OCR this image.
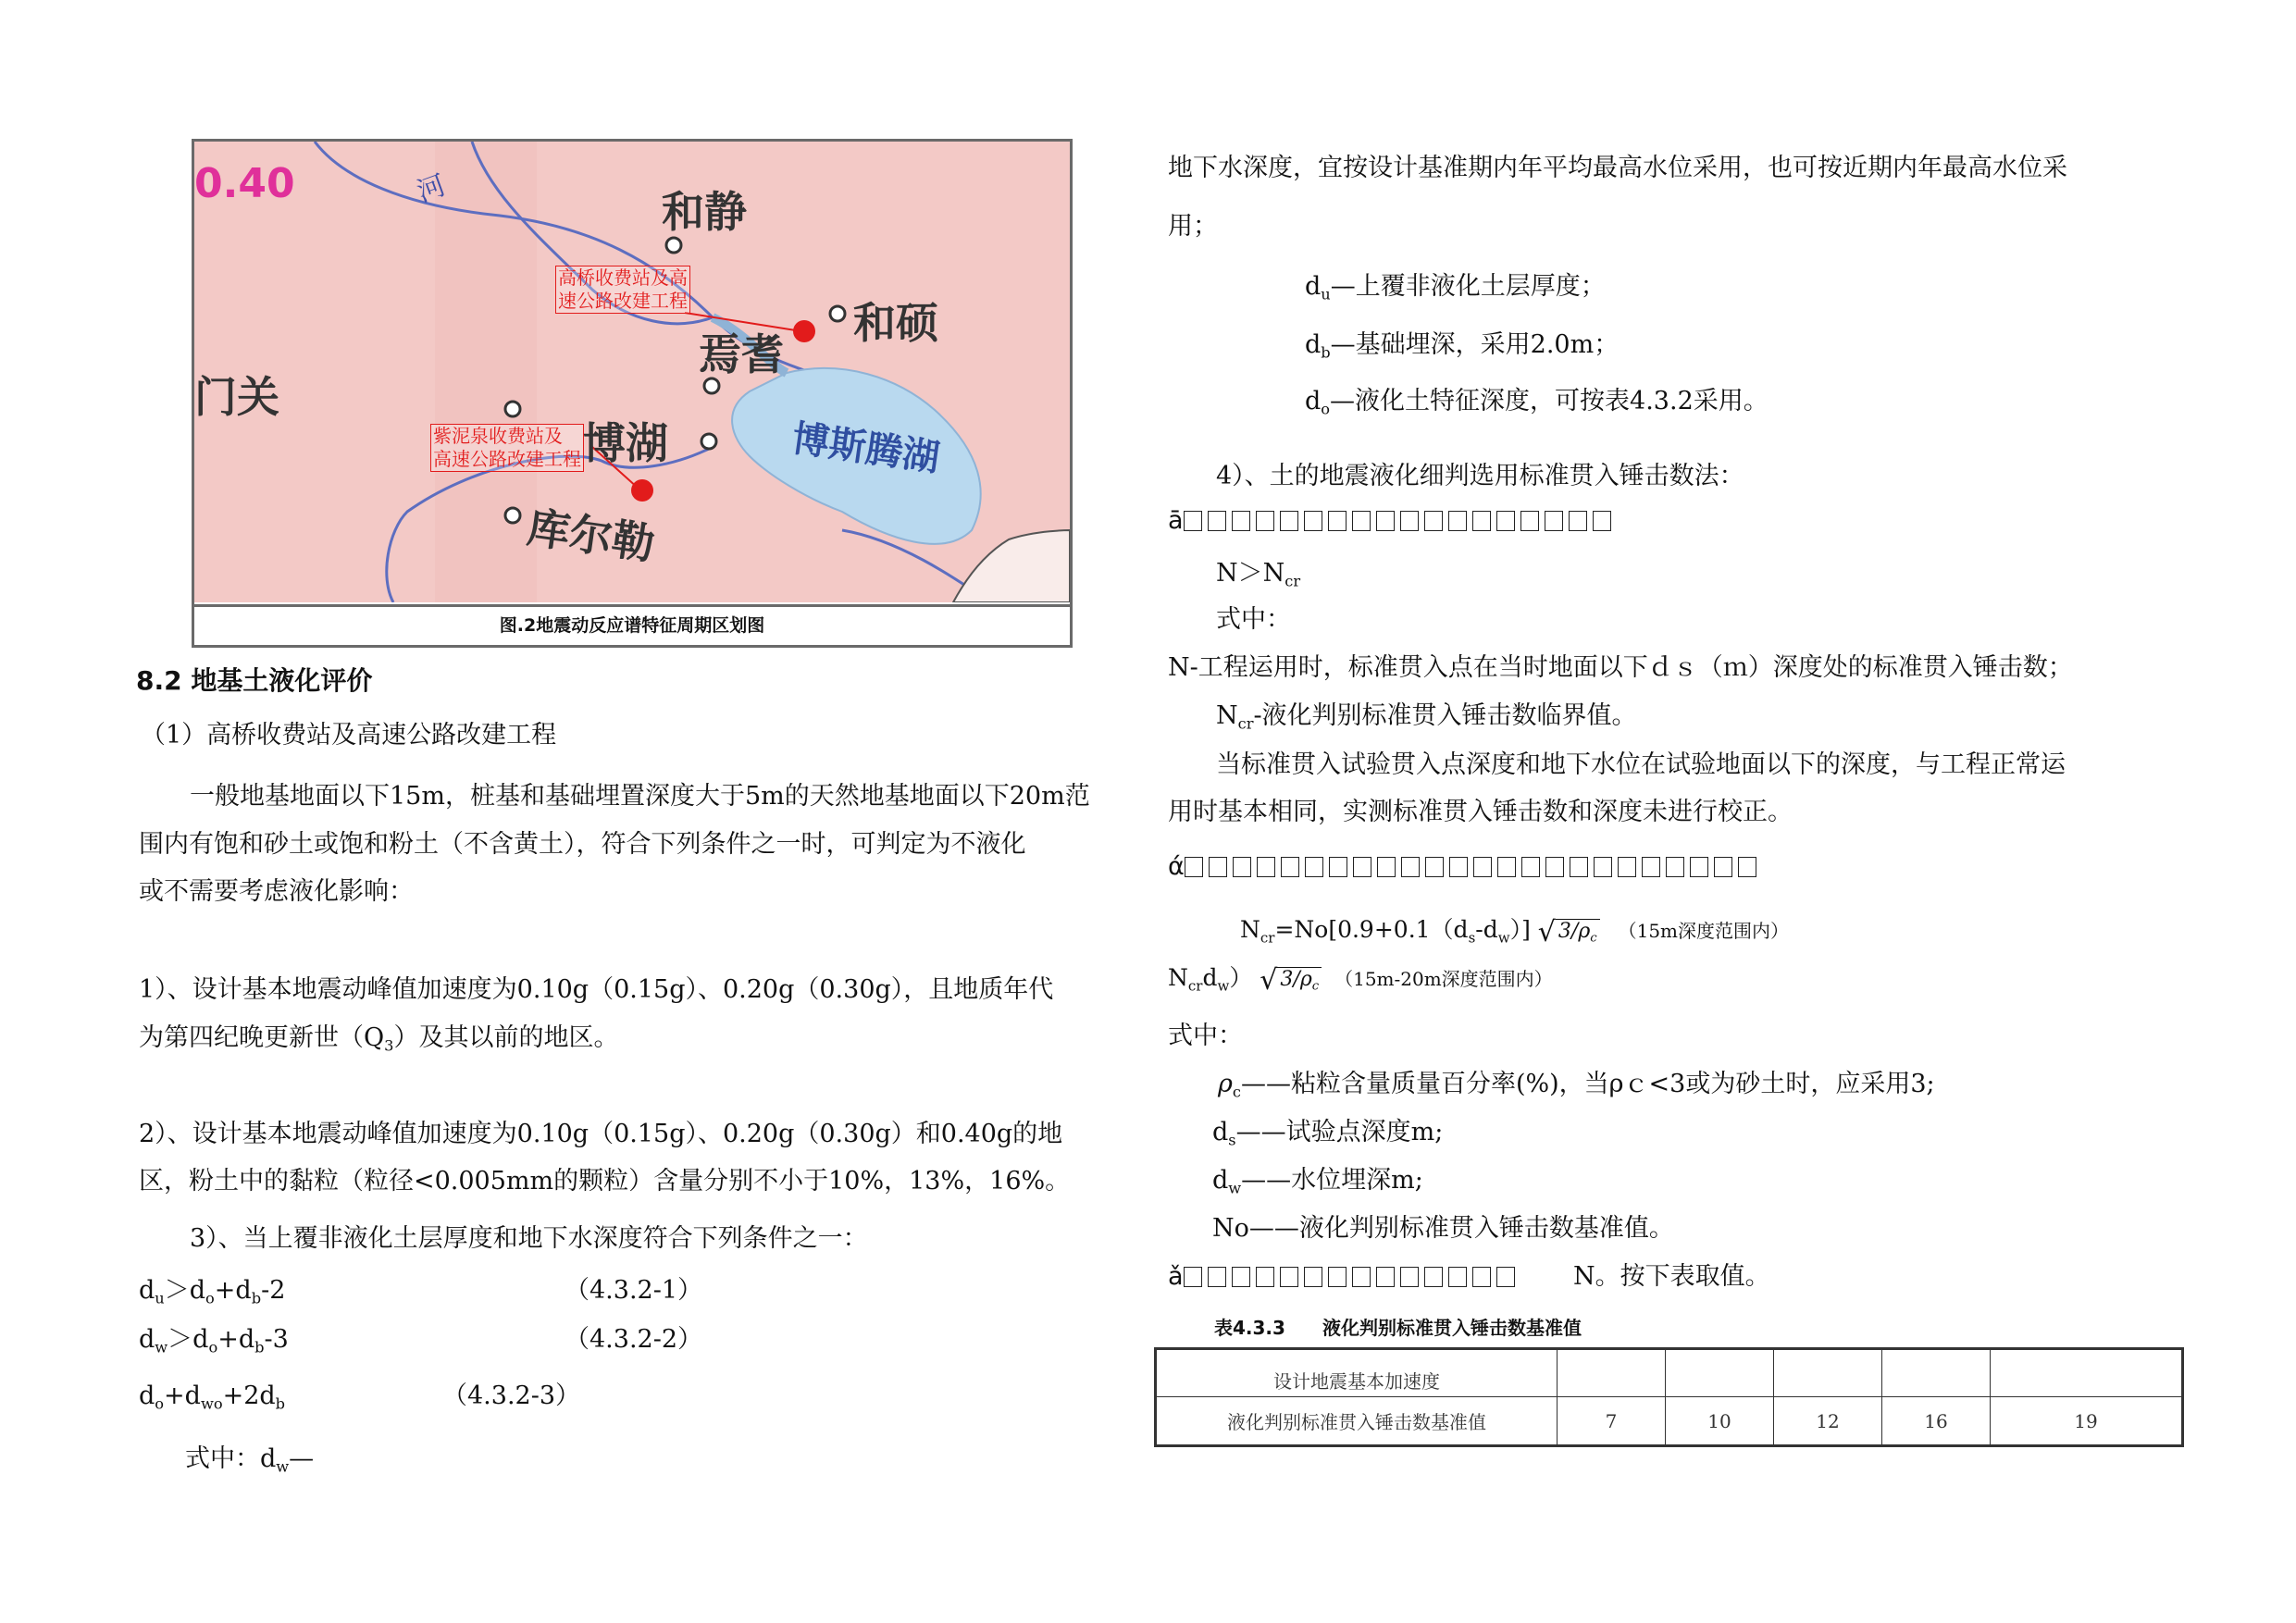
0.40	河	和静
和硕
焉耆
博湖
库尔勒
门关
博斯腾湖
高桥收费站及高
速公路改建工程
紫泥泉收费站及
高速公路改建工程
图.2地震动反应谱特征周期区划图
8.2 地基土液化评价
（1）高桥收费站及高速公路改建工程
一般地基地面以下15m，桩基和基础埋置深度大于5m的天然地基地面以下20m范
围内有饱和砂土或饱和粉土（不含黄土），符合下列条件之一时，可判定为不液化
或不需要考虑液化影响：
1）、设计基本地震动峰值加速度为0.10g（0.15g）、0.20g（0.30g），且地质年代
为第四纪晚更新世$(Q_3)$及其以前的地区。
2）、设计基本地震动峰值加速度为0.10g（0.15g）、0.20g（0.30g）和0.40g的地
区，粉土中的黏粒（粒径<0.005mm的颗粒）含量分别不小于10%，13%，16%。
3）、当上覆非液化土层厚度和地下水深度符合下列条件之一：
$d_u>d_o+d_b-2$	（4.3.2-1）
$d_w>d_o+d_b-3$	（4.3.2-2）
$d_o+d_{wo}+2d_b$	（4.3.2-3）
式中：$d_w—$
地下水深度，宜按设计基准期内年平均最高水位采用，也可按近期内年最高水位采
用；
$d_u—$上覆非液化土层厚度；
$d_b—$基础埋深，采用2.0m；
$d_o—$液化土特征深度，可按表4.3.2采用。
4）、土的地震液化细判选用标准贯入锤击数法：
ā
$N>N_{cr}$
式中：
N-工程运用时，标准贯入点在当时地面以下ｄｓ（ｍ）深度处的标准贯入锤击数；
$N_{cr}-$液化判别标准贯入锤击数临界值。
当标准贯入试验贯入点深度和地下水位在试验地面以下的深度，与工程正常运
用时基本相同，实测标准贯入锤击数和深度未进行校正。
ά
$N_{cr}=No[0.9+0.1(d_s-d_w)]$ √ $3/\rho_c$ （15m深度范围内）
$N_{cr}d_w$） √ $3/\rho_c$ （15m-20m深度范围内）
式中：
$\rho_c——$粘粒含量质量百分率(%)，当ρｃ<3或为砂土时，应采用3;
$d_s——$试验点深度m;
$d_w——$水位埋深m;
No——液化判别标准贯入锤击数基准值。
ǎ	N。按下表取值。
表4.3.3　　液化判别标准贯入锤击数基准值
设计地震基本加速度					
液化判别标准贯入锤击数基准值	7	10	12	16	19
